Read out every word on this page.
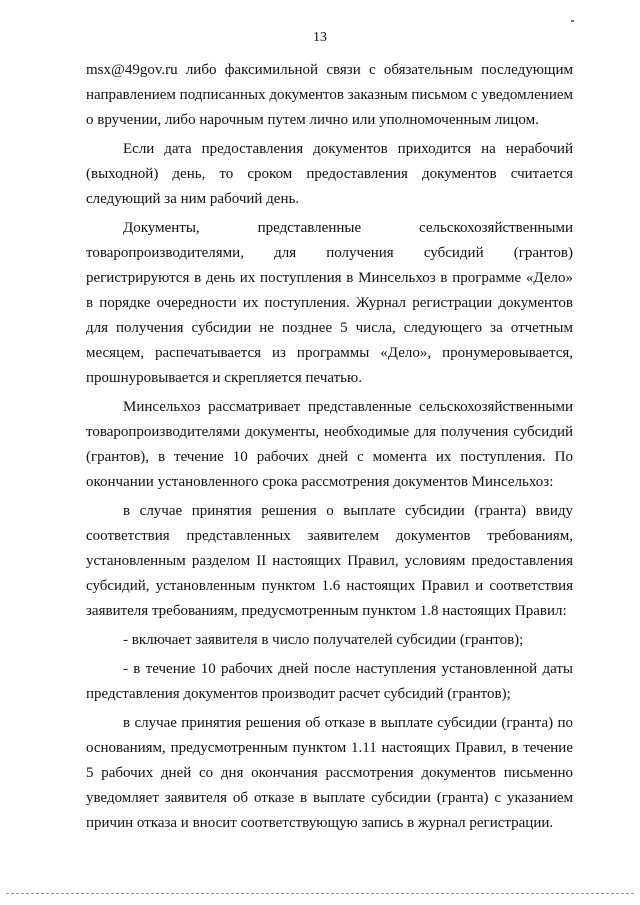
13

msx@49gov.ru либо факсимильной связи с обязательным последующим направлением подписанных документов заказным письмом с уведомлением о вручении, либо нарочным путем лично или уполномоченным лицом.

Если дата предоставления документов приходится на нерабочий (выходной) день, то сроком предоставления документов считается следующий за ним рабочий день.

Документы, представленные сельскохозяйственными товаропроизводителями, для получения субсидий (грантов) регистрируются в день их поступления в Минсельхоз в программе «Дело» в порядке очередности их поступления. Журнал регистрации документов для получения субсидии не позднее 5 числа, следующего за отчетным месяцем, распечатывается из программы «Дело», пронумеровывается, прошнуровывается и скрепляется печатью.

Минсельхоз рассматривает представленные сельскохозяйственными товаропроизводителями документы, необходимые для получения субсидий (грантов), в течение 10 рабочих дней с момента их поступления. По окончании установленного срока рассмотрения документов Минсельхоз:

в случае принятия решения о выплате субсидии (гранта) ввиду соответствия представленных заявителем документов требованиям, установленным разделом II настоящих Правил, условиям предоставления субсидий, установленным пунктом 1.6 настоящих Правил и соответствия заявителя требованиям, предусмотренным пунктом 1.8 настоящих Правил:

- включает заявителя в число получателей субсидии (грантов);

- в течение 10 рабочих дней после наступления установленной даты представления документов производит расчет субсидий (грантов);

в случае принятия решения об отказе в выплате субсидии (гранта) по основаниям, предусмотренным пунктом 1.11 настоящих Правил, в течение 5 рабочих дней со дня окончания рассмотрения документов письменно уведомляет заявителя об отказе в выплате субсидии (гранта) с указанием причин отказа и вносит соответствующую запись в журнал регистрации.
